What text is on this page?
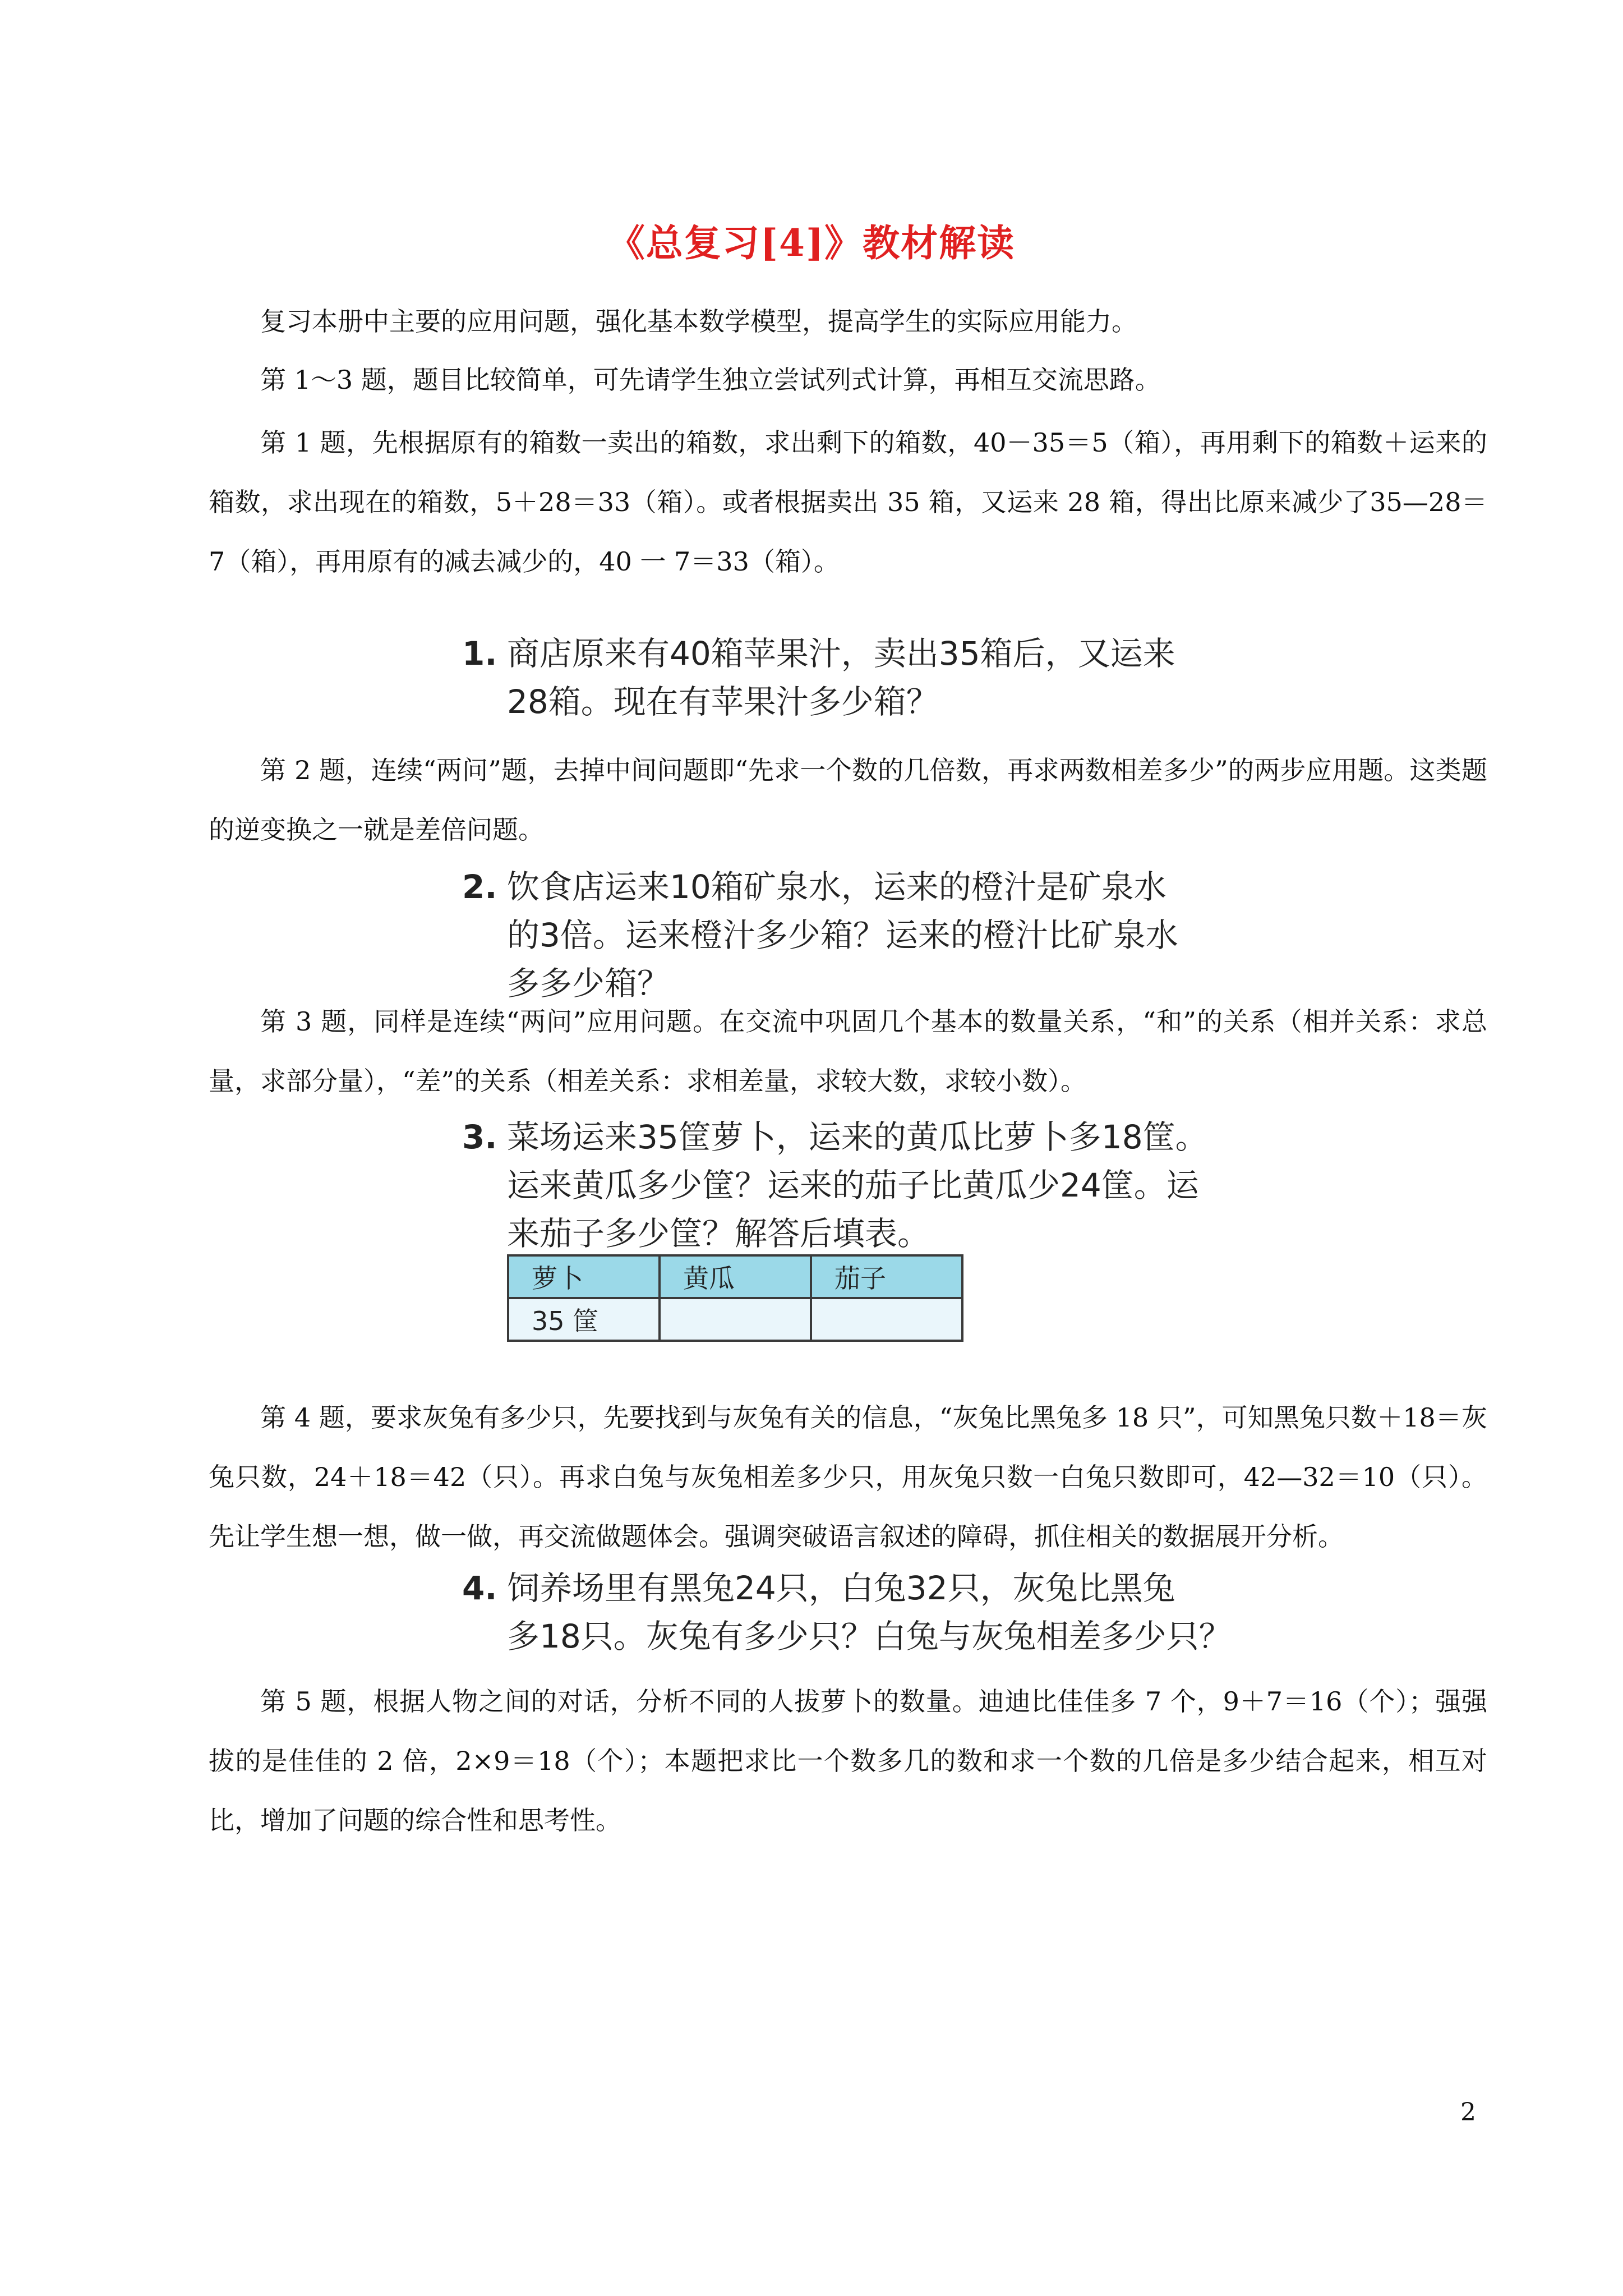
《总复习[4]》教材解读
复习本册中主要的应用问题，强化基本数学模型，提高学生的实际应用能力。
第 1～3 题，题目比较简单，可先请学生独立尝试列式计算，再相互交流思路。
第 1 题，先根据原有的箱数一卖出的箱数，求出剩下的箱数，40－35＝5（箱），再用剩下的箱数＋运来的箱数，求出现在的箱数，5＋28＝33（箱）。或者根据卖出 35 箱，又运来 28 箱，得出比原来减少了35—28＝7（箱），再用原有的减去减少的，40 一 7＝33（箱）。
1. 商店原来有40箱苹果汁，卖出35箱后，又运来
28箱。现在有苹果汁多少箱？
第 2 题，连续“两问”题，去掉中间问题即“先求一个数的几倍数，再求两数相差多少”的两步应用题。这类题的逆变换之一就是差倍问题。
2. 饮食店运来10箱矿泉水，运来的橙汁是矿泉水
的3倍。运来橙汁多少箱？运来的橙汁比矿泉水
多多少箱？
第 3 题，同样是连续“两问”应用问题。在交流中巩固几个基本的数量关系，“和”的关系（相并关系：求总量，求部分量），“差”的关系（相差关系：求相差量，求较大数，求较小数）。
3. 菜场运来35筐萝卜，运来的黄瓜比萝卜多18筐。
运来黄瓜多少筐？运来的茄子比黄瓜少24筐。运
来茄子多少筐？解答后填表。
萝卜	黄瓜	茄子
35 筐		
第 4 题，要求灰兔有多少只，先要找到与灰兔有关的信息，“灰兔比黑兔多 18 只”，可知黑兔只数＋18＝灰兔只数，24＋18＝42（只）。再求白兔与灰兔相差多少只，用灰兔只数一白兔只数即可，42—32＝10（只）。先让学生想一想，做一做，再交流做题体会。强调突破语言叙述的障碍，抓住相关的数据展开分析。
4. 饲养场里有黑兔24只，白兔32只，灰兔比黑兔
多18只。灰兔有多少只？白兔与灰兔相差多少只？
第 5 题，根据人物之间的对话，分析不同的人拔萝卜的数量。迪迪比佳佳多 7 个，9＋7＝16（个）；强强拔的是佳佳的 2 倍，2×9＝18（个）；本题把求比一个数多几的数和求一个数的几倍是多少结合起来，相互对比，增加了问题的综合性和思考性。
2
